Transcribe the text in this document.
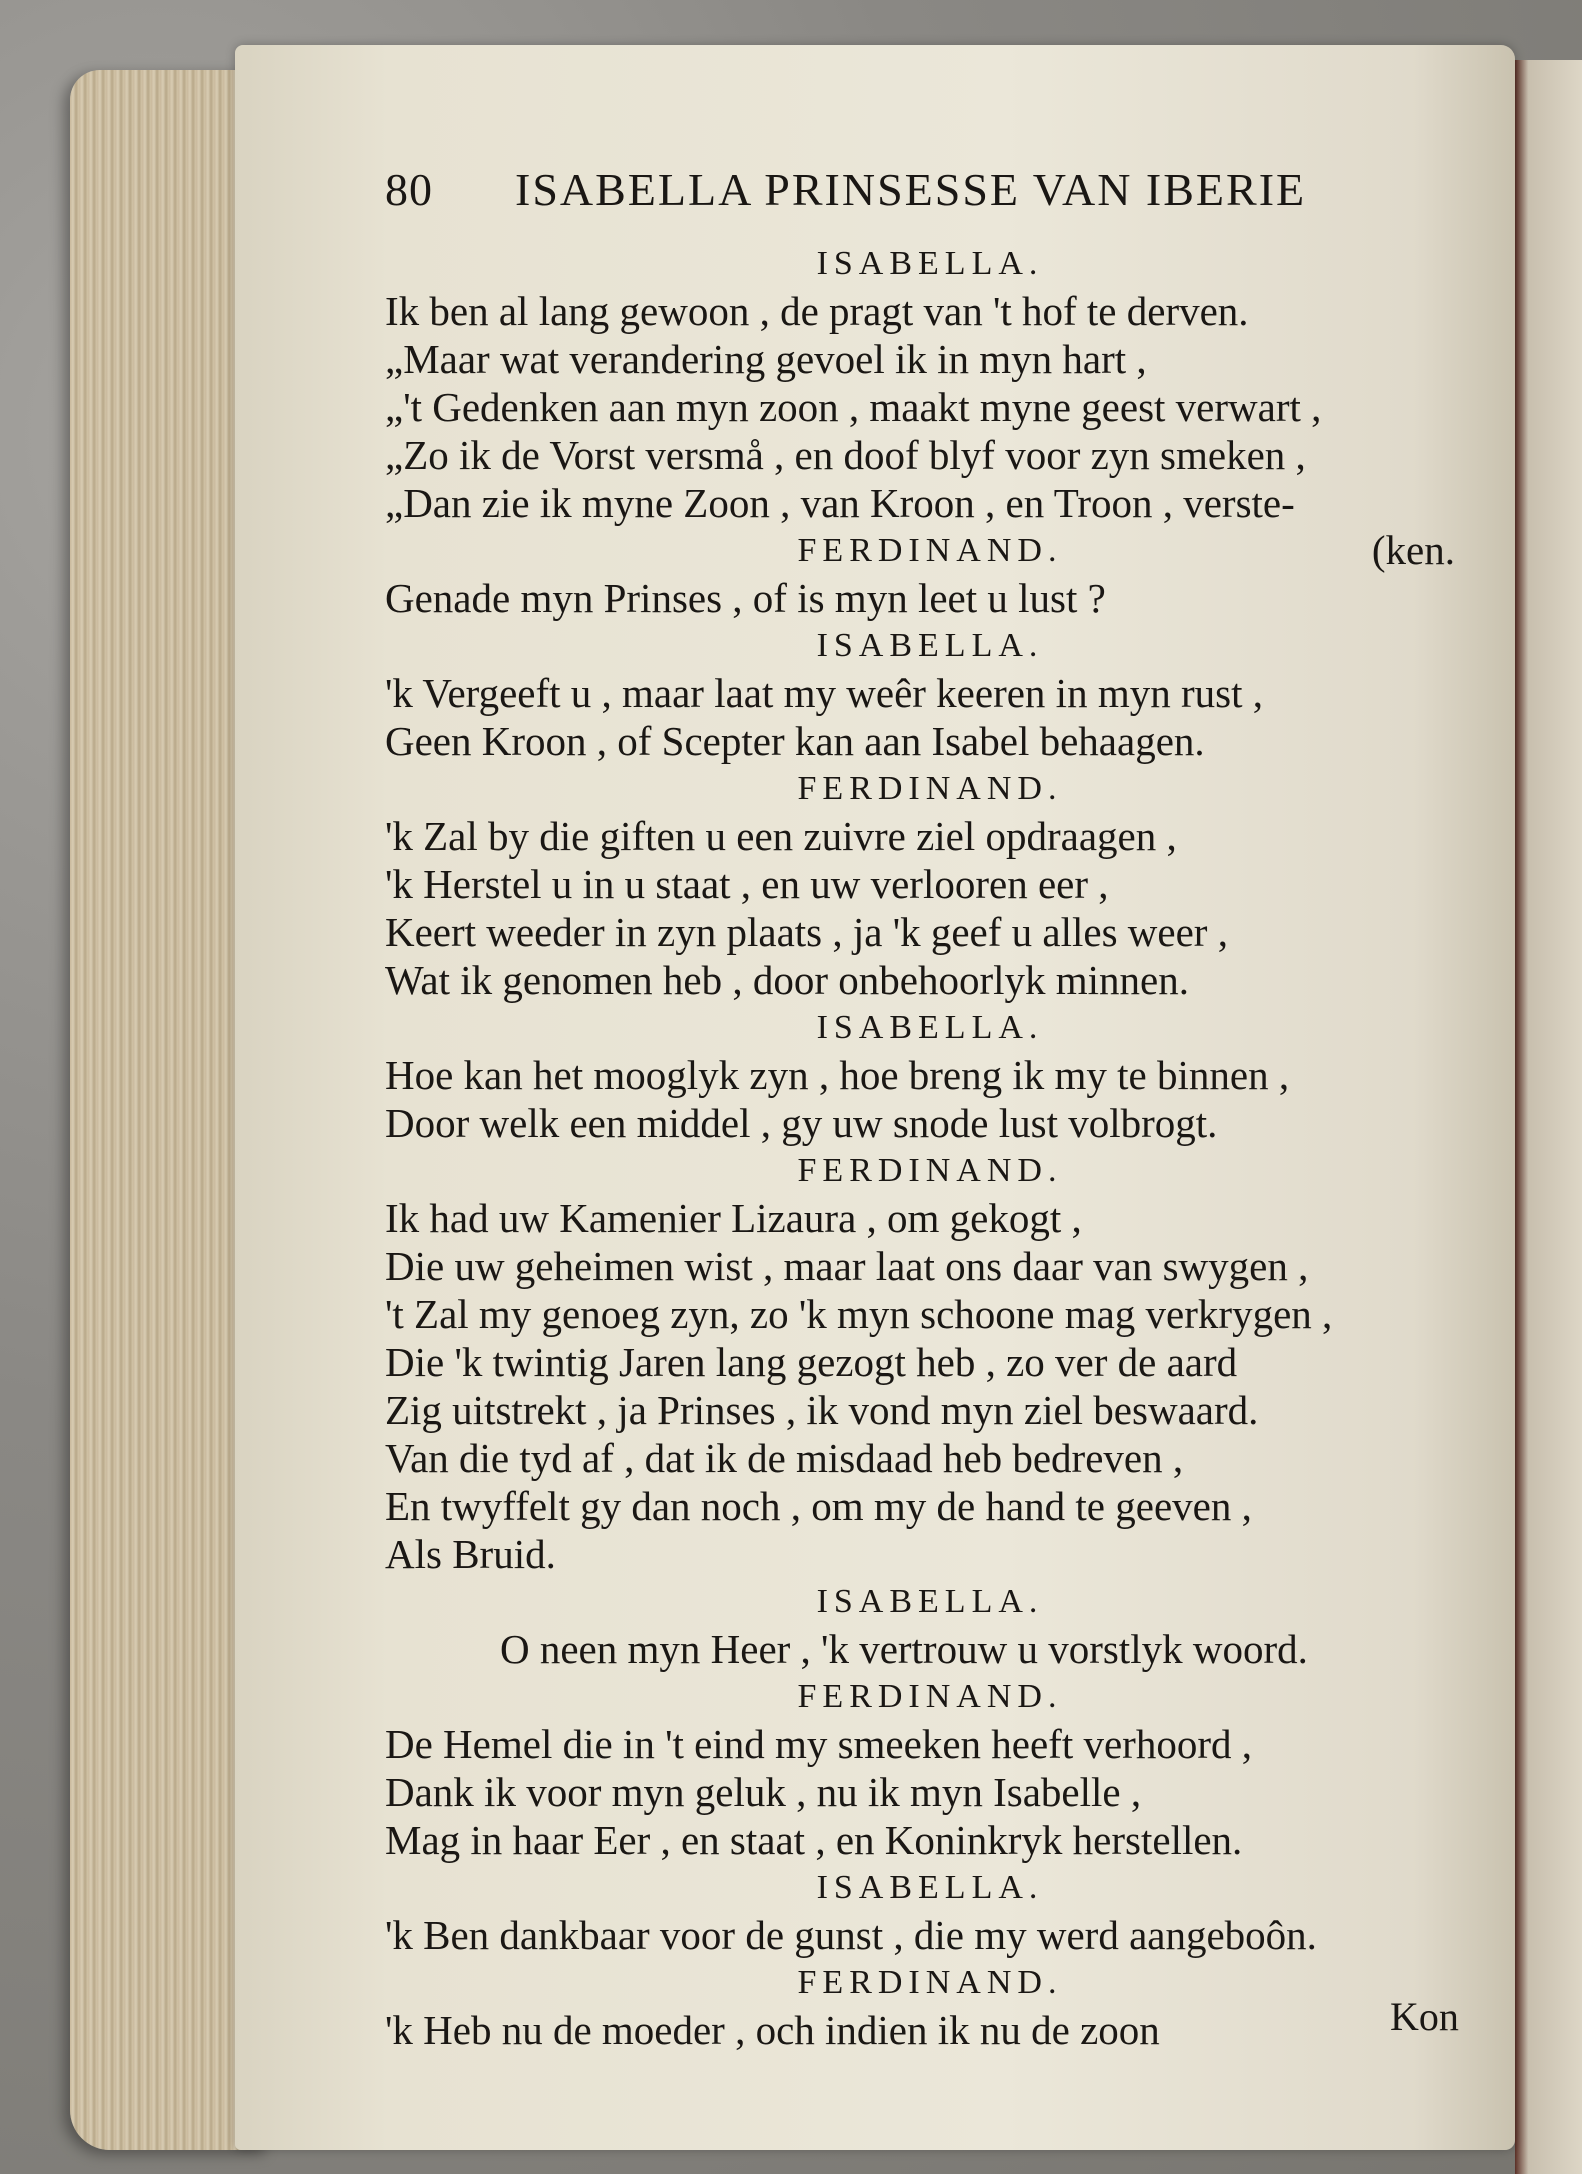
80 ISABELLA PRINSESSE VAN IBERIE
ISABELLA.
Ik ben al lang gewoon , de pragt van 't hof te derven.
„Maar wat verandering gevoel ik in myn hart ,
„'t Gedenken aan myn zoon , maakt myne geest verwart ,
„Zo ik de Vorst versmå , en doof blyf voor zyn smeken ,
„Dan zie ik myne Zoon , van Kroon , en Troon , verste-
FERDINAND.	(ken.
Genade myn Prinses , of is myn leet u lust ?
ISABELLA.
'k Vergeeft u , maar laat my weêr keeren in myn rust ,
Geen Kroon , of Scepter kan aan Isabel behaagen.
FERDINAND.
'k Zal by die giften u een zuivre ziel opdraagen ,
'k Herstel u in u staat , en uw verlooren eer ,
Keert weeder in zyn plaats , ja 'k geef u alles weer ,
Wat ik genomen heb , door onbehoorlyk minnen.
ISABELLA.
Hoe kan het mooglyk zyn , hoe breng ik my te binnen ,
Door welk een middel , gy uw snode lust volbrogt.
FERDINAND.
Ik had uw Kamenier Lizaura , om gekogt ,
Die uw geheimen wist , maar laat ons daar van swygen ,
't Zal my genoeg zyn, zo 'k myn schoone mag verkrygen ,
Die 'k twintig Jaren lang gezogt heb , zo ver de aard
Zig uitstrekt , ja Prinses , ik vond myn ziel beswaard.
Van die tyd af , dat ik de misdaad heb bedreven ,
En twyffelt gy dan noch , om my de hand te geeven ,
Als Bruid.
ISABELLA.
O neen myn Heer , 'k vertrouw u vorstlyk woord.
FERDINAND.
De Hemel die in 't eind my smeeken heeft verhoord ,
Dank ik voor myn geluk , nu ik myn Isabelle ,
Mag in haar Eer , en staat , en Koninkryk herstellen.
ISABELLA.
'k Ben dankbaar voor de gunst , die my werd aangeboôn.
FERDINAND.
'k Heb nu de moeder , och indien ik nu de zoon	Kon
